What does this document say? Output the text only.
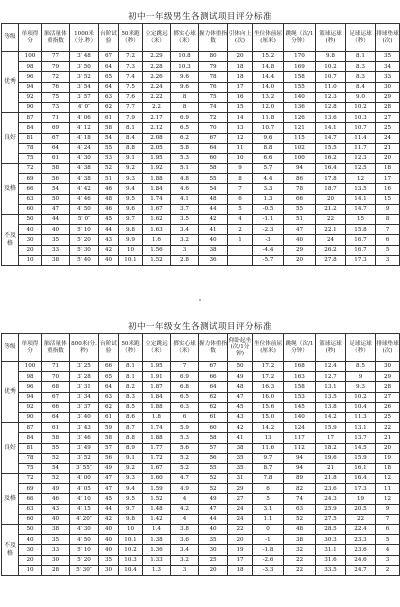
初中一年级男生各测试项目评分标准
等级	单项得分	肺活量体重指数	1000米（分.秒）	台阶试验	50米跑（秒）	立定跳远（米）	掷实心球（米）	握力体重指数	引体向上(次)	坐位体前屈(厘米)	跳绳（次/1分钟）	篮球运球(秒)	足球运球（秒）	排球垫球(次)
优秀	100	77	3′ 48	67	7.2	2.29	10.8	80	20	15.2	170	9.8	8.1	35
	98	79	3′ 50	64	7.3	2.28	10.3	79	18	14.8	169	10.2	8.3	34
	96	72	3′ 52	65	7.4	2.26	9.6	78	18	14.4	158	10.7	8.3	33
	94	76	3′ 54	64	7.5	2.24	9.6	76	17	14.0	155	11.0	8.4	30
	92	75	3′ 57	63	7.6	2.22	8	75	16	13.2	140	12.3	9.0	29
	90	73	4′ 0″	62	7.7	2.2	8	74	15	12.0	136	12.8	10.2	28
良好	87	71	4′ 06	61	7.9	2.17	6.9	72	14	11.8	126	13.6	10.3	27
	84	69	4′ 12	58	8.1	2.12	6.5	70	13	10.7	121	14.1	10.7	25
	81	67	4′ 18	54	8.4	2.08	6.2	67	12	9.6	115	14.7	11.4	24
	78	64	4′ 24	55	8.8	2.05	5.8	64	11	8.8	102	15.5	11.7	21
	75	61	4′ 30	53	9.1	1.95	5.3	60	10	6.6	100	16.2	12.3	20
及格	72	58	4′ 38	52	9.2	1.92	5.1	58	9	5.7	94	16.4	12.5	18
	69	56	4′ 38	51	9.3	1.88	4.8	55	8	4.4	86	17.8	12	17
	66	54	4′ 42	46	9.4	1.84	4.6	54	7	3.3	78	18.7	13.5	16
	63	50	4′ 46	48	9.5	1.74	4.1	48	6	1.3	66	20	14.1	15
	60	47	4′ 50	46	9.6	1.67	3.7	44	5	-0.5	55	21.2	14.7	9
不及格	50	44	5′ 0″	45	9.7	1.62	3.5	42	4	-1.1	51	22	15	8
	40	40	5′ 10	44	9.8	1.63	3.4	41	2	-2.3	47	22.1	15.8	7
	30	35	5′ 20	43	9.9	1.6	3.2	40	1	-3	40	24	16.7	6
	20	33	5′ 30	42	10	1.56	3	38		-4.4	29	26.2	16.7	5
	10	38	5′ 40	40	10.1	1.52	2.8	36		-5.7	20	27.8	17.3	3
初中一年级女生各测试项目评分标准
等级	单项得分	肺活量体重指数	800米(分.秒)	台阶试验	50米跑（秒）	立定跳远（米）	掷实心球（米）	握力体重指数	仰卧起坐(次/1分钟)	坐位体前屈(厘米)	跳绳（次/1分钟）	篮球运球(秒)	足球运球（秒）	排球垫球(次)
优秀	100	71	3′ 25	66	8.1	1.95	7	67	50	17.2	168	12.4	8.5	30
	98	70	3′ 28	65	8.1	1.91	6.9	66	49	17.2	163	12.7	9	29
	96	68	3′ 31	64	8.2	1.87	6.8	64	48	16.3	158	13.1	9.3	28
	94	67	3′ 34	63	8.3	1.84	6.5	62	47	16.0	153	13.5	10.2	27
	92	66	3′ 37	62	8.5	1.88	6.3	62	45	15.6	145	13.8	10.4	26
	90	64	3′ 40	61	8.6	1.8	6	61	43	15.0	140	14.2	11.3	25
良好	87	61	3′ 43	59	8.7	1.74	5.9	60	42	14.2	124	15.9	13.1	22
	84	58	3′ 46	58	8.8	1.88	5.3	58	41	13	117	17	13.7	21
	81	55	3′ 49	57	8.9	1.77	5.6	57	38	11.6	112	18.2	14.5	20
	78	52	3′ 52	56	9.1	1.72	5.2	56	35	9.7	94	19.6	15.9	19
	75	54	3′ 55″	49	9.2	1.67	5.2	55	35	8.7	94	21	16.1	18
及格	72	52	4′ 00	47	9.3	1.60	4.7	52	31	7.8	89	21.8	16.4	12
	69	49	4′ 05	47	9.4	1.59	4.9	52	29	6	82	23.6	17.3	11
	66	46	4′ 10	45	9.5	1.52	4	49	27	5	74	24.3	19	12
	63	43	4′ 15	44	9.7	1.48	4.2	47	24	3.1	63	25.9	20.5	9
	60	40	4′ 20″	42	9.8	1.42	4	44	24	1.1	52	27.5	22	7
不及格	50	38	4′ 30	40	10	1.4	3.8	40	22	0	48	28.5	22.4	6
	40	35	4′ 50	40	10.1	1.38	3.6	35	20	-1	38	30.3	23.3	5
	30	33	5′ 10	40	10.2	1.36	3.4	30	19	-1.8	32	31.1	23.6	4
	20	30	5′ 20	35	10.3	1.33	3.2	25	17	-2.6	22	31.6	24.6	3
	10	28	5′ 30″	30	10.4	1.3	3	20	18	-3.3	22	33.5	24.7	2
